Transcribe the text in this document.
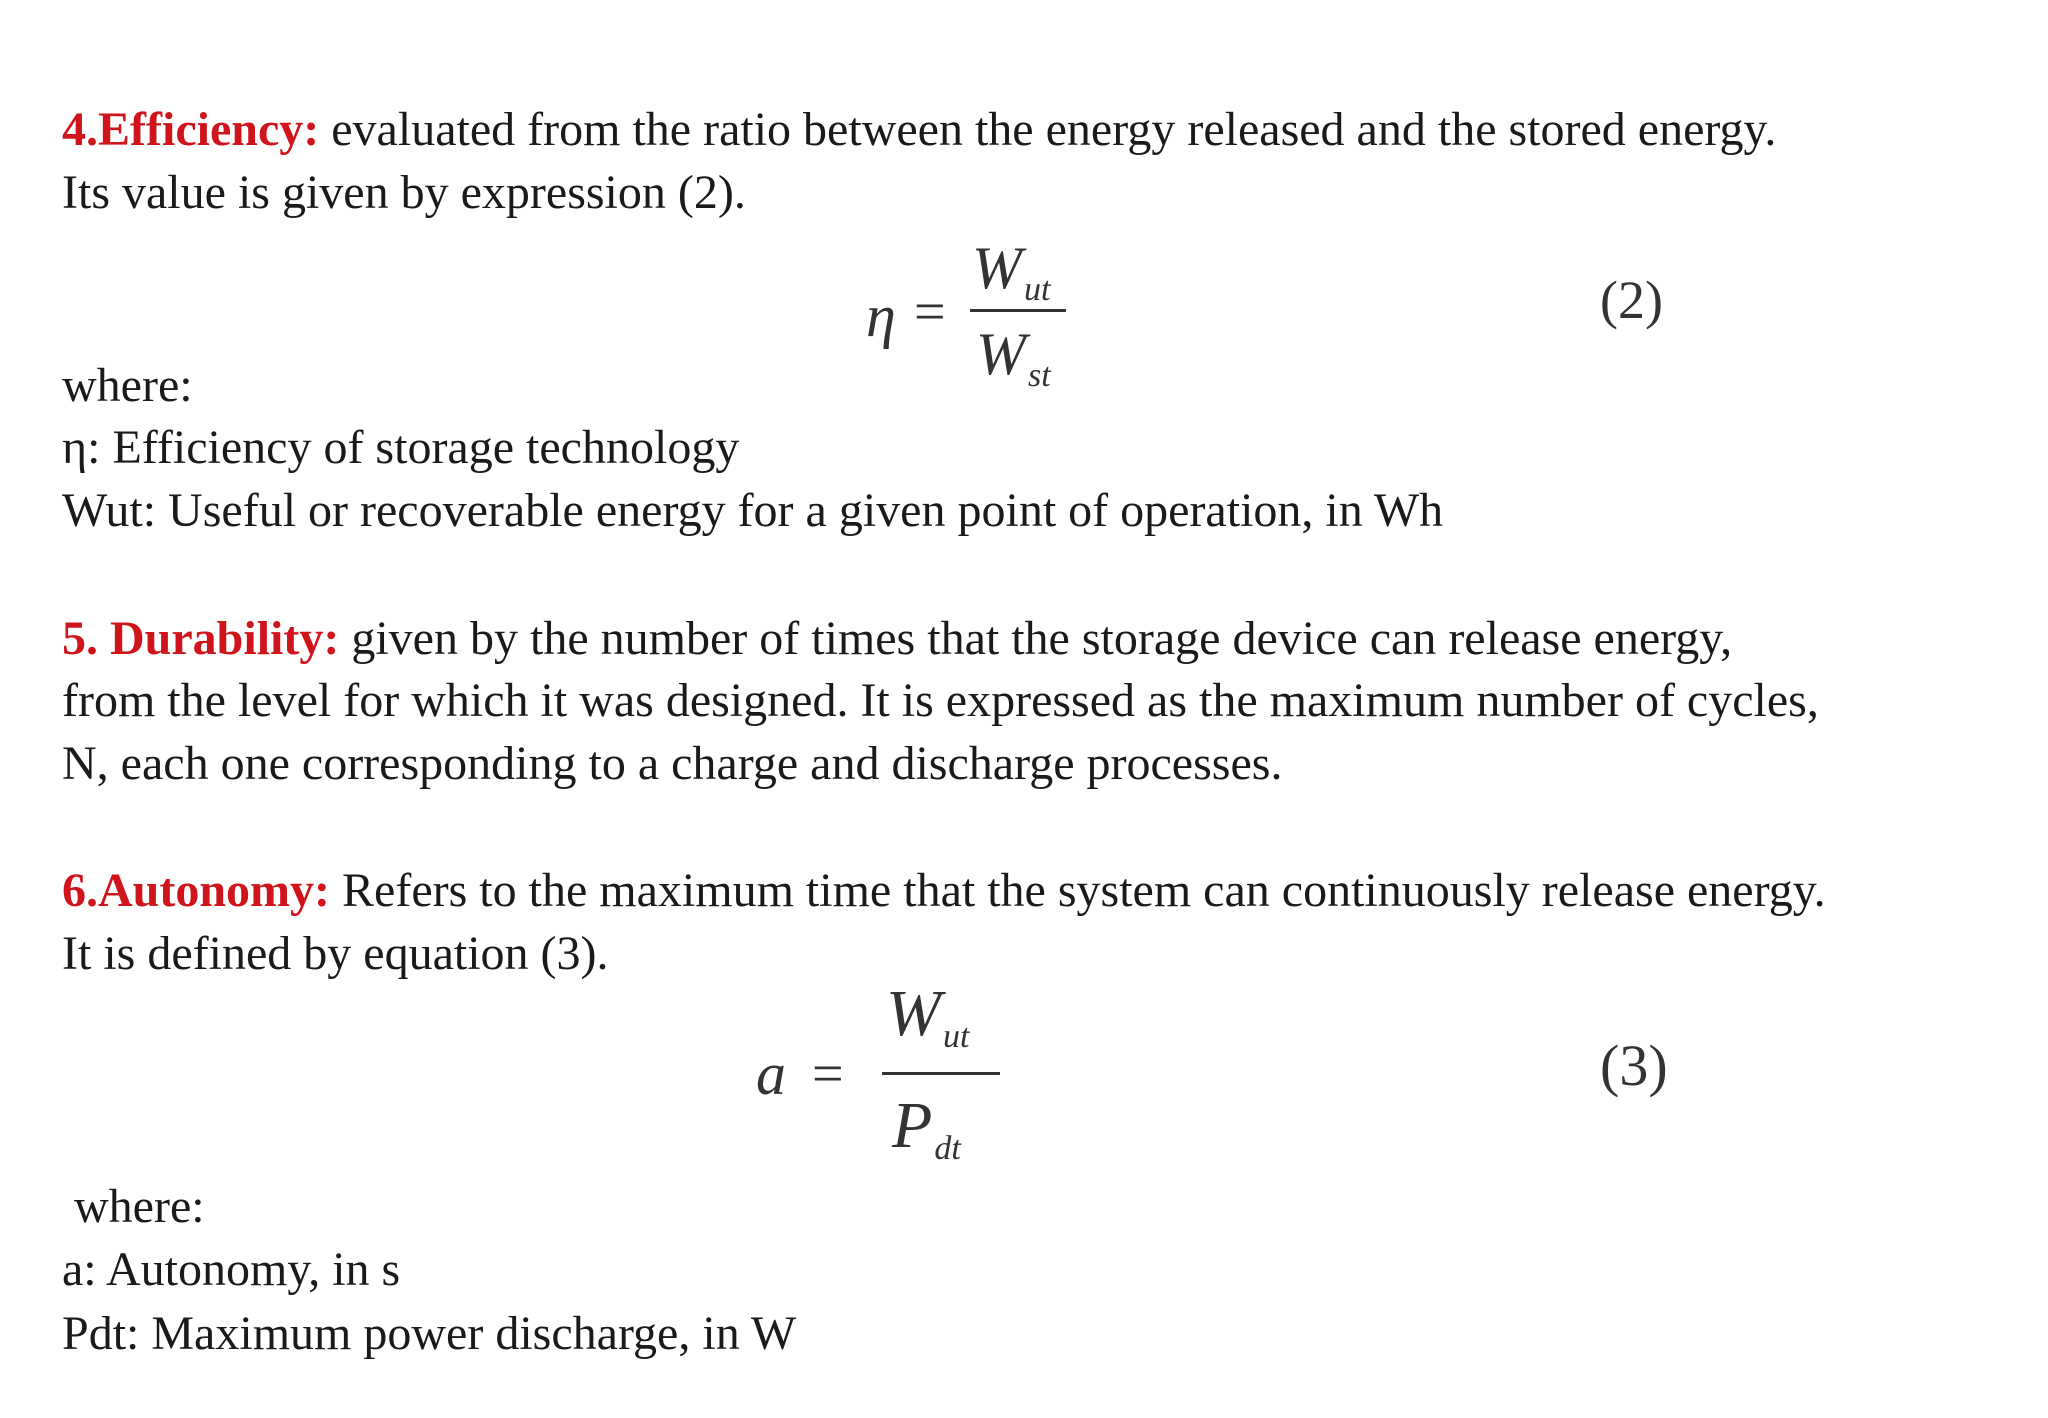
4.Efficiency: evaluated from the ratio between the energy released and the stored energy.
Its value is given by expression (2).
η =
$W_{ut}$
$W_{st}$
(2)
where:
η: Efficiency of storage technology
Wut: Useful or recoverable energy for a given point of operation, in Wh
5. Durability: given by the number of times that the storage device can release energy,
from the level for which it was designed. It is expressed as the maximum number of cycles,
N, each one corresponding to a charge and discharge processes.
6.Autonomy: Refers to the maximum time that the system can continuously release energy.
It is defined by equation (3).
a =
Wut
Pdt
(3)
where:
a: Autonomy, in s
Pdt: Maximum power discharge, in W
